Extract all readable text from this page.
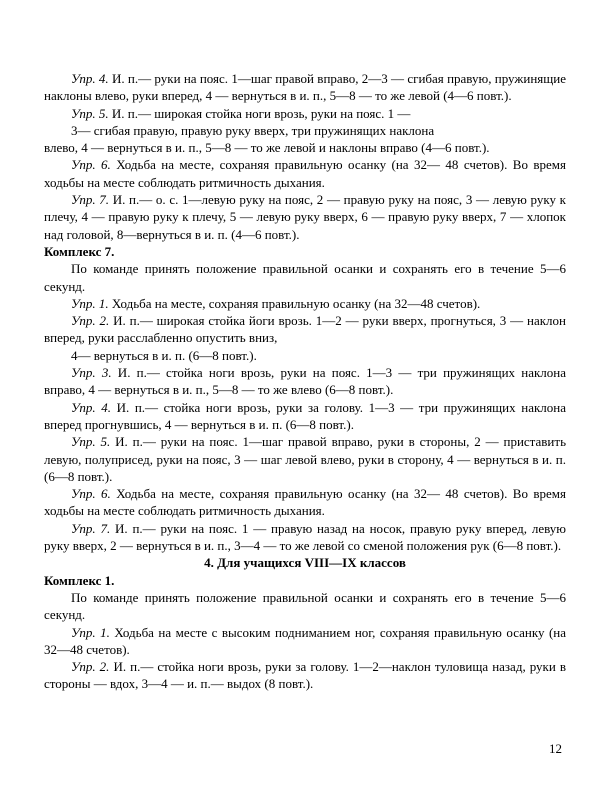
Упр. 4. И. п.— руки на пояс. 1—шаг правой вправо, 2—3 — сгибая правую, пружинящие наклоны влево, руки вперед, 4 — вернуться в и. п., 5—8 — то же левой (4—6 повт.).

Упр. 5. И. п.— широкая стойка ноги врозь, руки на пояс. 1 —

3— сгибая правую, правую руку вверх, три пружинящих наклона

влево, 4 — вернуться в и. п., 5—8 — то же левой и наклоны вправо (4—6 повт.).

Упр. 6. Ходьба на месте, сохраняя правильную осанку (на 32— 48 счетов). Во время ходьбы на месте соблюдать ритмичность дыхания.

Упр. 7. И. п.— о. с. 1—левую руку на пояс, 2 — правую руку на пояс, 3 — левую руку к плечу, 4 — правую руку к плечу, 5 — левую руку вверх, 6 — правую руку вверх, 7 — хлопок над головой, 8—вернуться в и. п. (4—6 повт.).

Комплекс 7.

По команде принять положение правильной осанки и сохранять его в течение 5—6 секунд.

Упр. 1. Ходьба на месте, сохраняя правильную осанку (на 32—48 счетов).

Упр. 2. И. п.— широкая стойка йоги врозь. 1—2 — руки вверх, прогнуться, 3 — наклон вперед, руки расслабленно опустить вниз,

4— вернуться в и. п. (6—8 повт.).

Упр. 3. И. п.— стойка ноги врозь, руки на пояс. 1—3 — три пружинящих наклона вправо, 4 — вернуться в и. п., 5—8 — то же влево (6—8 повт.).

Упр. 4. И. п.— стойка ноги врозь, руки за голову. 1—3 — три пружинящих наклона вперед прогнувшись, 4 — вернуться в и. п. (6—8 повт.).

Упр. 5. И. п.— руки на пояс. 1—шаг правой вправо, руки в стороны, 2 — приставить левую, полуприсед, руки на пояс, 3 — шаг левой влево, руки в сторону, 4 — вернуться в и. п. (6—8 повт.).

Упр. 6. Ходьба на месте, сохраняя правильную осанку (на 32— 48 счетов). Во время ходьбы на месте соблюдать ритмичность дыхания.

Упр. 7. И. п.— руки на пояс. 1 — правую назад на носок, правую руку вперед, левую руку вверх, 2 — вернуться в и. п., 3—4 — то же левой со сменой положения рук (6—8 повт.).

4. Для учащихся VIII—IX классов

Комплекс 1.

По команде принять положение правильной осанки и сохранять его в течение 5—6 секунд.

Упр. 1. Ходьба на месте с высоким подниманием ног, сохраняя правильную осанку (на 32—48 счетов).

Упр. 2. И. п.— стойка ноги врозь, руки за голову. 1—2—наклон туловища назад, руки в стороны — вдох, 3—4 — и. п.— выдох (8 повт.).

12
